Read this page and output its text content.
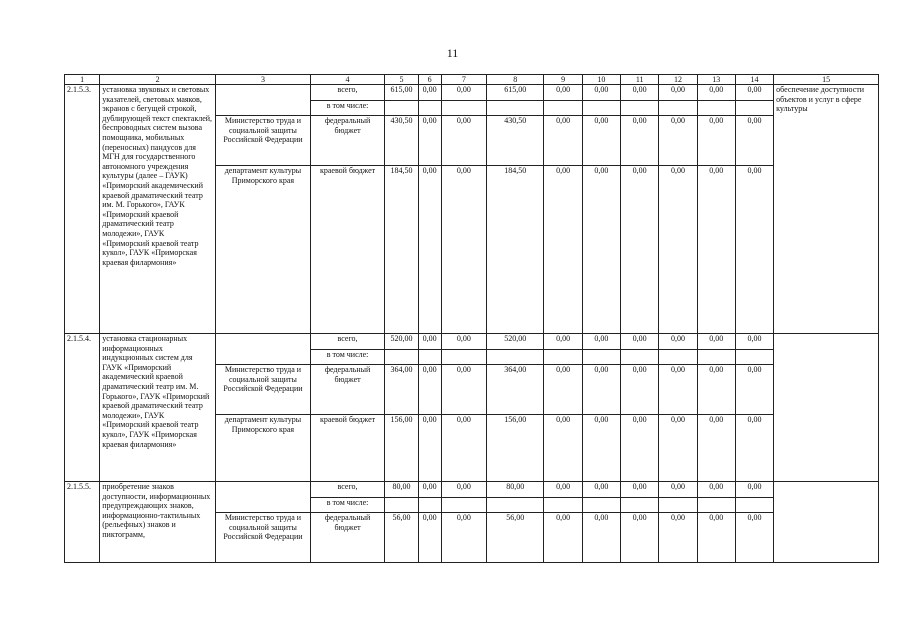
11
1	2	3	4	5	6	7	8	9	10	11	12	13	14	15
2.1.5.3.	установка звуковых и световых указателей, световых маяков, экранов с бегущей строкой, дублирующей текст спектаклей, беспроводных систем вызова помощника, мобильных (переносных) пандусов для МГН для государственного автономного учреждения культуры (далее – ГАУК) «Приморский академический краевой драматический театр им. М. Горького», ГАУК «Приморский краевой драматический театр молодежи», ГАУК «Приморский краевой театр кукол», ГАУК «Приморская краевая филармония»		всего,	615,00	0,00	0,00	615,00	0,00	0,00	0,00	0,00	0,00	0,00	обеспечение доступности объектов и услуг в сфере культуры
			в том числе:											
		Министерство труда и социальной защиты Российской Федерации	федеральный бюджет	430,50	0,00	0,00	430,50	0,00	0,00	0,00	0,00	0,00	0,00	
		департамент культуры Приморского края	краевой бюджет	184,50	0,00	0,00	184,50	0,00	0,00	0,00	0,00	0,00	0,00	
2.1.5.4.	установка стационарных информационных индукционных систем для ГАУК «Приморский академический краевой драматический театр им. М. Горького», ГАУК «Приморский краевой драматический театр молодежи», ГАУК «Приморский краевой театр кукол», ГАУК «Приморская краевая филармония»		всего,	520,00	0,00	0,00	520,00	0,00	0,00	0,00	0,00	0,00	0,00	
			в том числе:											
		Министерство труда и социальной защиты Российской Федерации	федеральный бюджет	364,00	0,00	0,00	364,00	0,00	0,00	0,00	0,00	0,00	0,00	
		департамент культуры Приморского края	краевой бюджет	156,00	0,00	0,00	156,00	0,00	0,00	0,00	0,00	0,00	0,00	
2.1.5.5.	приобретение знаков доступности, информационных предупреждающих знаков, информационно-тактильных (рельефных) знаков и пиктограмм,		всего,	80,00	0,00	0,00	80,00	0,00	0,00	0,00	0,00	0,00	0,00	
			в том числе:											
		Министерство труда и социальной защиты Российской Федерации	федеральный бюджет	56,00	0,00	0,00	56,00	0,00	0,00	0,00	0,00	0,00	0,00	
